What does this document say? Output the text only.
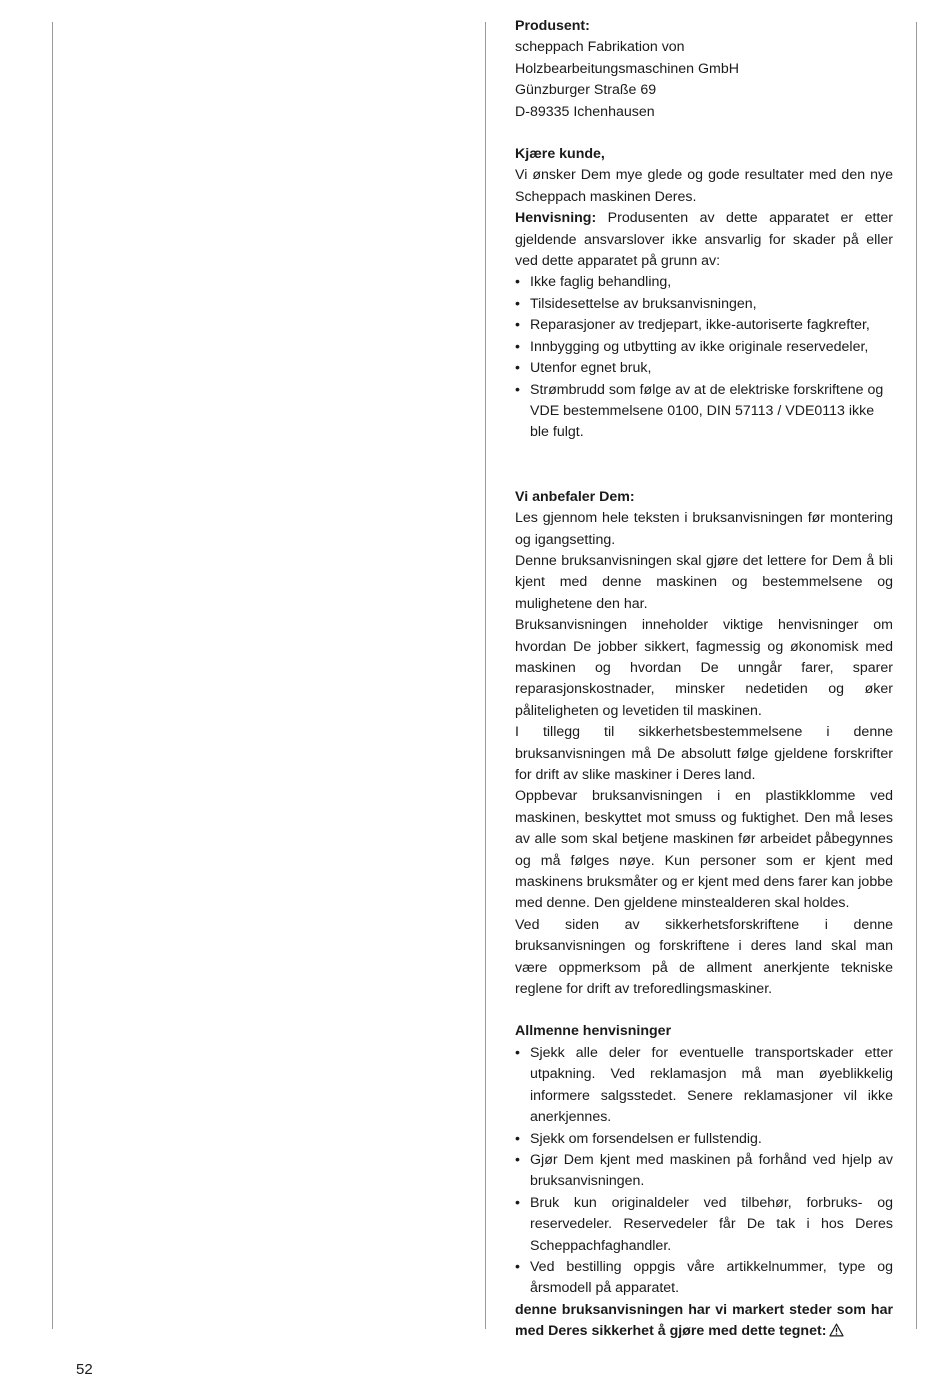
Produsent:

scheppach Fabrikation von

Holzbearbeitungsmaschinen GmbH

Günzburger Straße 69

D-89335 Ichenhausen

Kjære kunde,

Vi ønsker Dem mye glede og gode resultater med den nye Scheppach maskinen Deres.

Henvisning: Produsenten av dette apparatet er etter gjeldende ansvarslover ikke ansvarlig for skader på eller ved dette apparatet på grunn av:

• Ikke faglig behandling,
• Tilsidesettelse av bruksanvisningen,
• Reparasjoner av tredjepart, ikke-autoriserte fagkrefter,
• Innbygging og utbytting av ikke originale reservedeler,
• Utenfor egnet bruk,
• Strømbrudd som følge av at de elektriske forskriftene og VDE bestemmelsene 0100, DIN 57113 / VDE0113 ikke ble fulgt.

Vi anbefaler Dem:

Les gjennom hele teksten i bruksanvisningen før montering og igangsetting.

Denne bruksanvisningen skal gjøre det lettere for Dem å bli kjent med denne maskinen og bestemmelsene og mulighetene den har.

Bruksanvisningen inneholder viktige henvisninger om hvordan De jobber sikkert, fagmessig og økonomisk med maskinen og hvordan De unngår farer, sparer reparasjonskostnader, minsker nedetiden og øker påliteligheten og levetiden til maskinen.

I tillegg til sikkerhetsbestemmelsene i denne bruksanvisningen må De absolutt følge gjeldene forskrifter for drift av slike maskiner i Deres land.

Oppbevar bruksanvisningen i en plastikklomme ved maskinen, beskyttet mot smuss og fuktighet. Den må leses av alle som skal betjene maskinen før arbeidet påbegynnes og må følges nøye. Kun personer som er kjent med maskinens bruksmåter og er kjent med dens farer kan jobbe med denne. Den gjeldene minstealderen skal holdes.

Ved siden av sikkerhetsforskriftene i denne bruksanvisningen og forskriftene i deres land skal man være oppmerksom på de allment anerkjente tekniske reglene for drift av treforedlingsmaskiner.

Allmenne henvisninger

• Sjekk alle deler for eventuelle transportskader etter utpakning. Ved reklamasjon må man øyeblikkelig informere salgsstedet. Senere reklamasjoner vil ikke anerkjennes.
• Sjekk om forsendelsen er fullstendig.
• Gjør Dem kjent med maskinen på forhånd ved hjelp av bruksanvisningen.
• Bruk kun originaldeler ved tilbehør, forbruks- og reservedeler. Reservedeler får De tak i hos Deres Scheppachfaghandler.
• Ved bestilling oppgis våre artikkelnummer, type og årsmodell på apparatet.

denne bruksanvisningen har vi markert steder som har med Deres sikkerhet å gjøre med dette tegnet:

52
